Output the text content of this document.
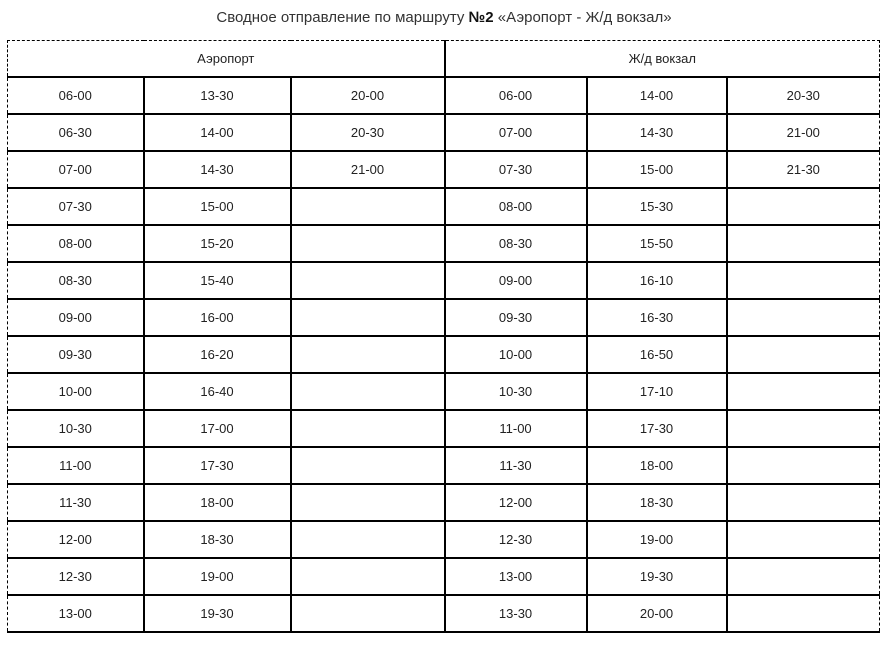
Сводное отправление по маршруту №2 «Аэропорт - Ж/д вокзал»
Аэропорт			Ж/д вокзал		
06-00	13-30	20-00	06-00	14-00	20-30
06-30	14-00	20-30	07-00	14-30	21-00
07-00	14-30	21-00	07-30	15-00	21-30
07-30	15-00		08-00	15-30	
08-00	15-20		08-30	15-50	
08-30	15-40		09-00	16-10	
09-00	16-00		09-30	16-30	
09-30	16-20		10-00	16-50	
10-00	16-40		10-30	17-10	
10-30	17-00		11-00	17-30	
11-00	17-30		11-30	18-00	
11-30	18-00		12-00	18-30	
12-00	18-30		12-30	19-00	
12-30	19-00		13-00	19-30	
13-00	19-30		13-30	20-00	
